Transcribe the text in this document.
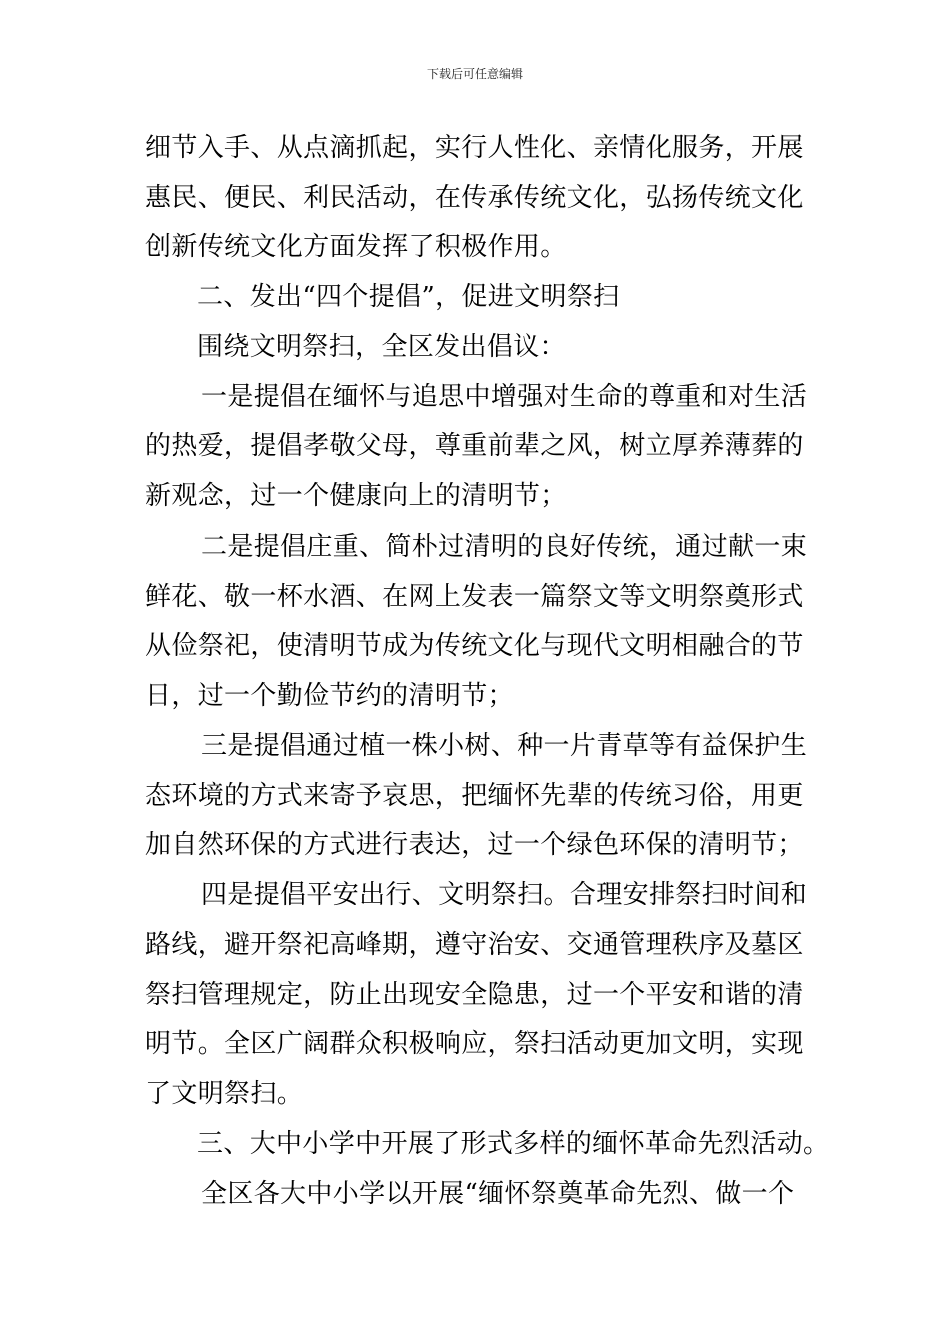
下载后可任意编辑
细节入手、从点滴抓起，实行人性化、亲情化服务，开展
惠民、便民、利民活动，在传承传统文化，弘扬传统文化
创新传统文化方面发挥了积极作用。
二、发出“四个提倡”，促进文明祭扫
围绕文明祭扫，全区发出倡议：
一是提倡在缅怀与追思中增强对生命的尊重和对生活
的热爱，提倡孝敬父母，尊重前辈之风，树立厚养薄葬的
新观念，过一个健康向上的清明节；
二是提倡庄重、简朴过清明的良好传统，通过献一束
鲜花、敬一杯水酒、在网上发表一篇祭文等文明祭奠形式
从俭祭祀，使清明节成为传统文化与现代文明相融合的节
日，过一个勤俭节约的清明节；
三是提倡通过植一株小树、种一片青草等有益保护生
态环境的方式来寄予哀思，把缅怀先辈的传统习俗，用更
加自然环保的方式进行表达，过一个绿色环保的清明节；
四是提倡平安出行、文明祭扫。合理安排祭扫时间和
路线，避开祭祀高峰期，遵守治安、交通管理秩序及墓区
祭扫管理规定，防止出现安全隐患，过一个平安和谐的清
明节。全区广阔群众积极响应，祭扫活动更加文明，实现
了文明祭扫。
三、大中小学中开展了形式多样的缅怀革命先烈活动。
全区各大中小学以开展“缅怀祭奠革命先烈、做一个
